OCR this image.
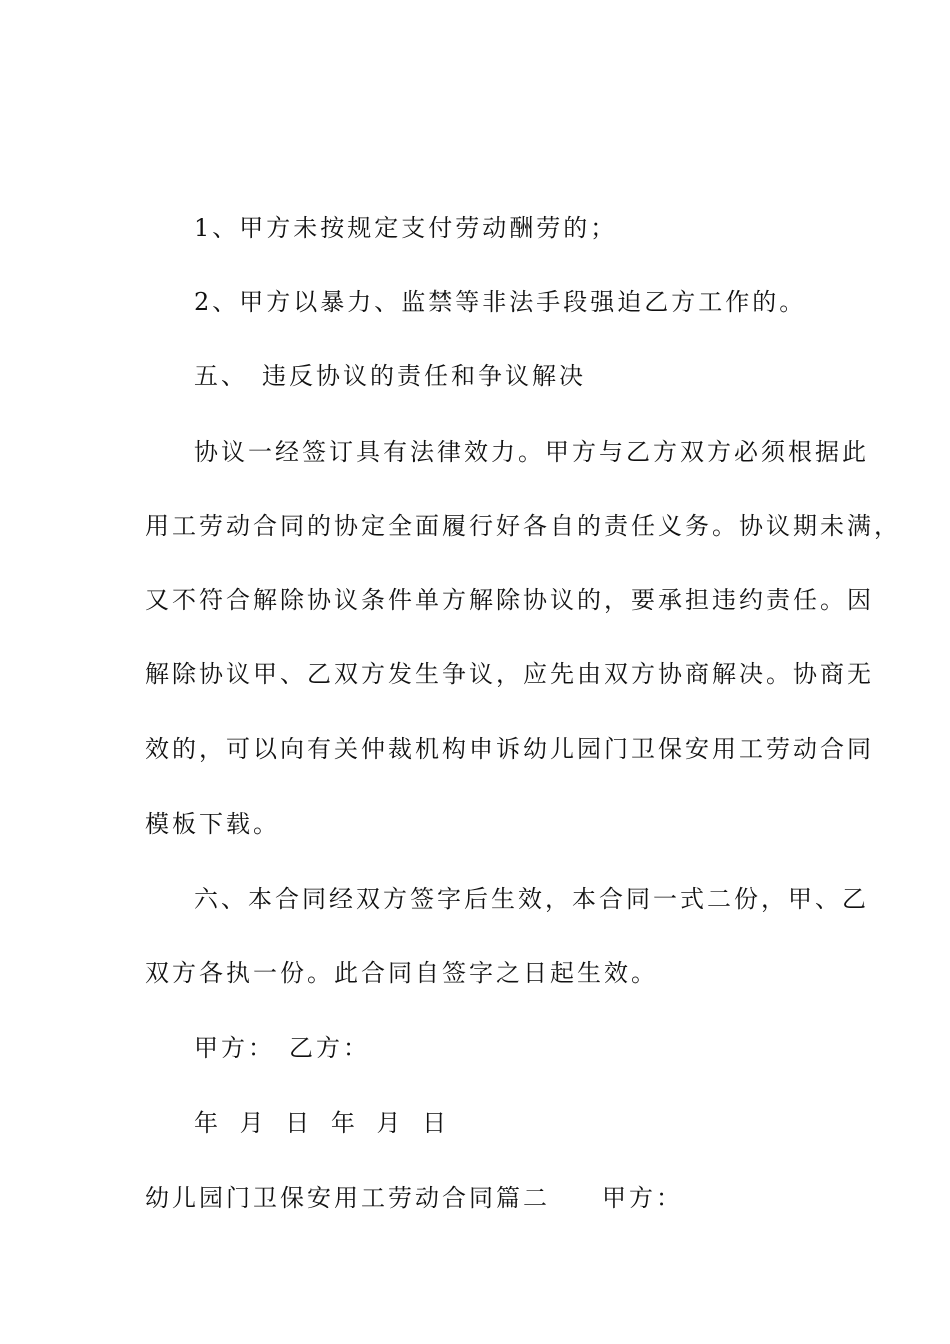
1、甲方未按规定支付劳动酬劳的；
2、甲方以暴力、监禁等非法手段强迫乙方工作的。
五、 违反协议的责任和争议解决
协议一经签订具有法律效力。甲方与乙方双方必须根据此
用工劳动合同的协定全面履行好各自的责任义务。协议期未满，
又不符合解除协议条件单方解除协议的，要承担违约责任。因
解除协议甲、乙双方发生争议，应先由双方协商解决。协商无
效的，可以向有关仲裁机构申诉幼儿园门卫保安用工劳动合同
模板下载。
六、本合同经双方签字后生效，本合同一式二份，甲、乙
双方各执一份。此合同自签字之日起生效。
甲方： 乙方：
年 月 日 年 月 日
幼儿园门卫保安用工劳动合同篇二 甲方：
